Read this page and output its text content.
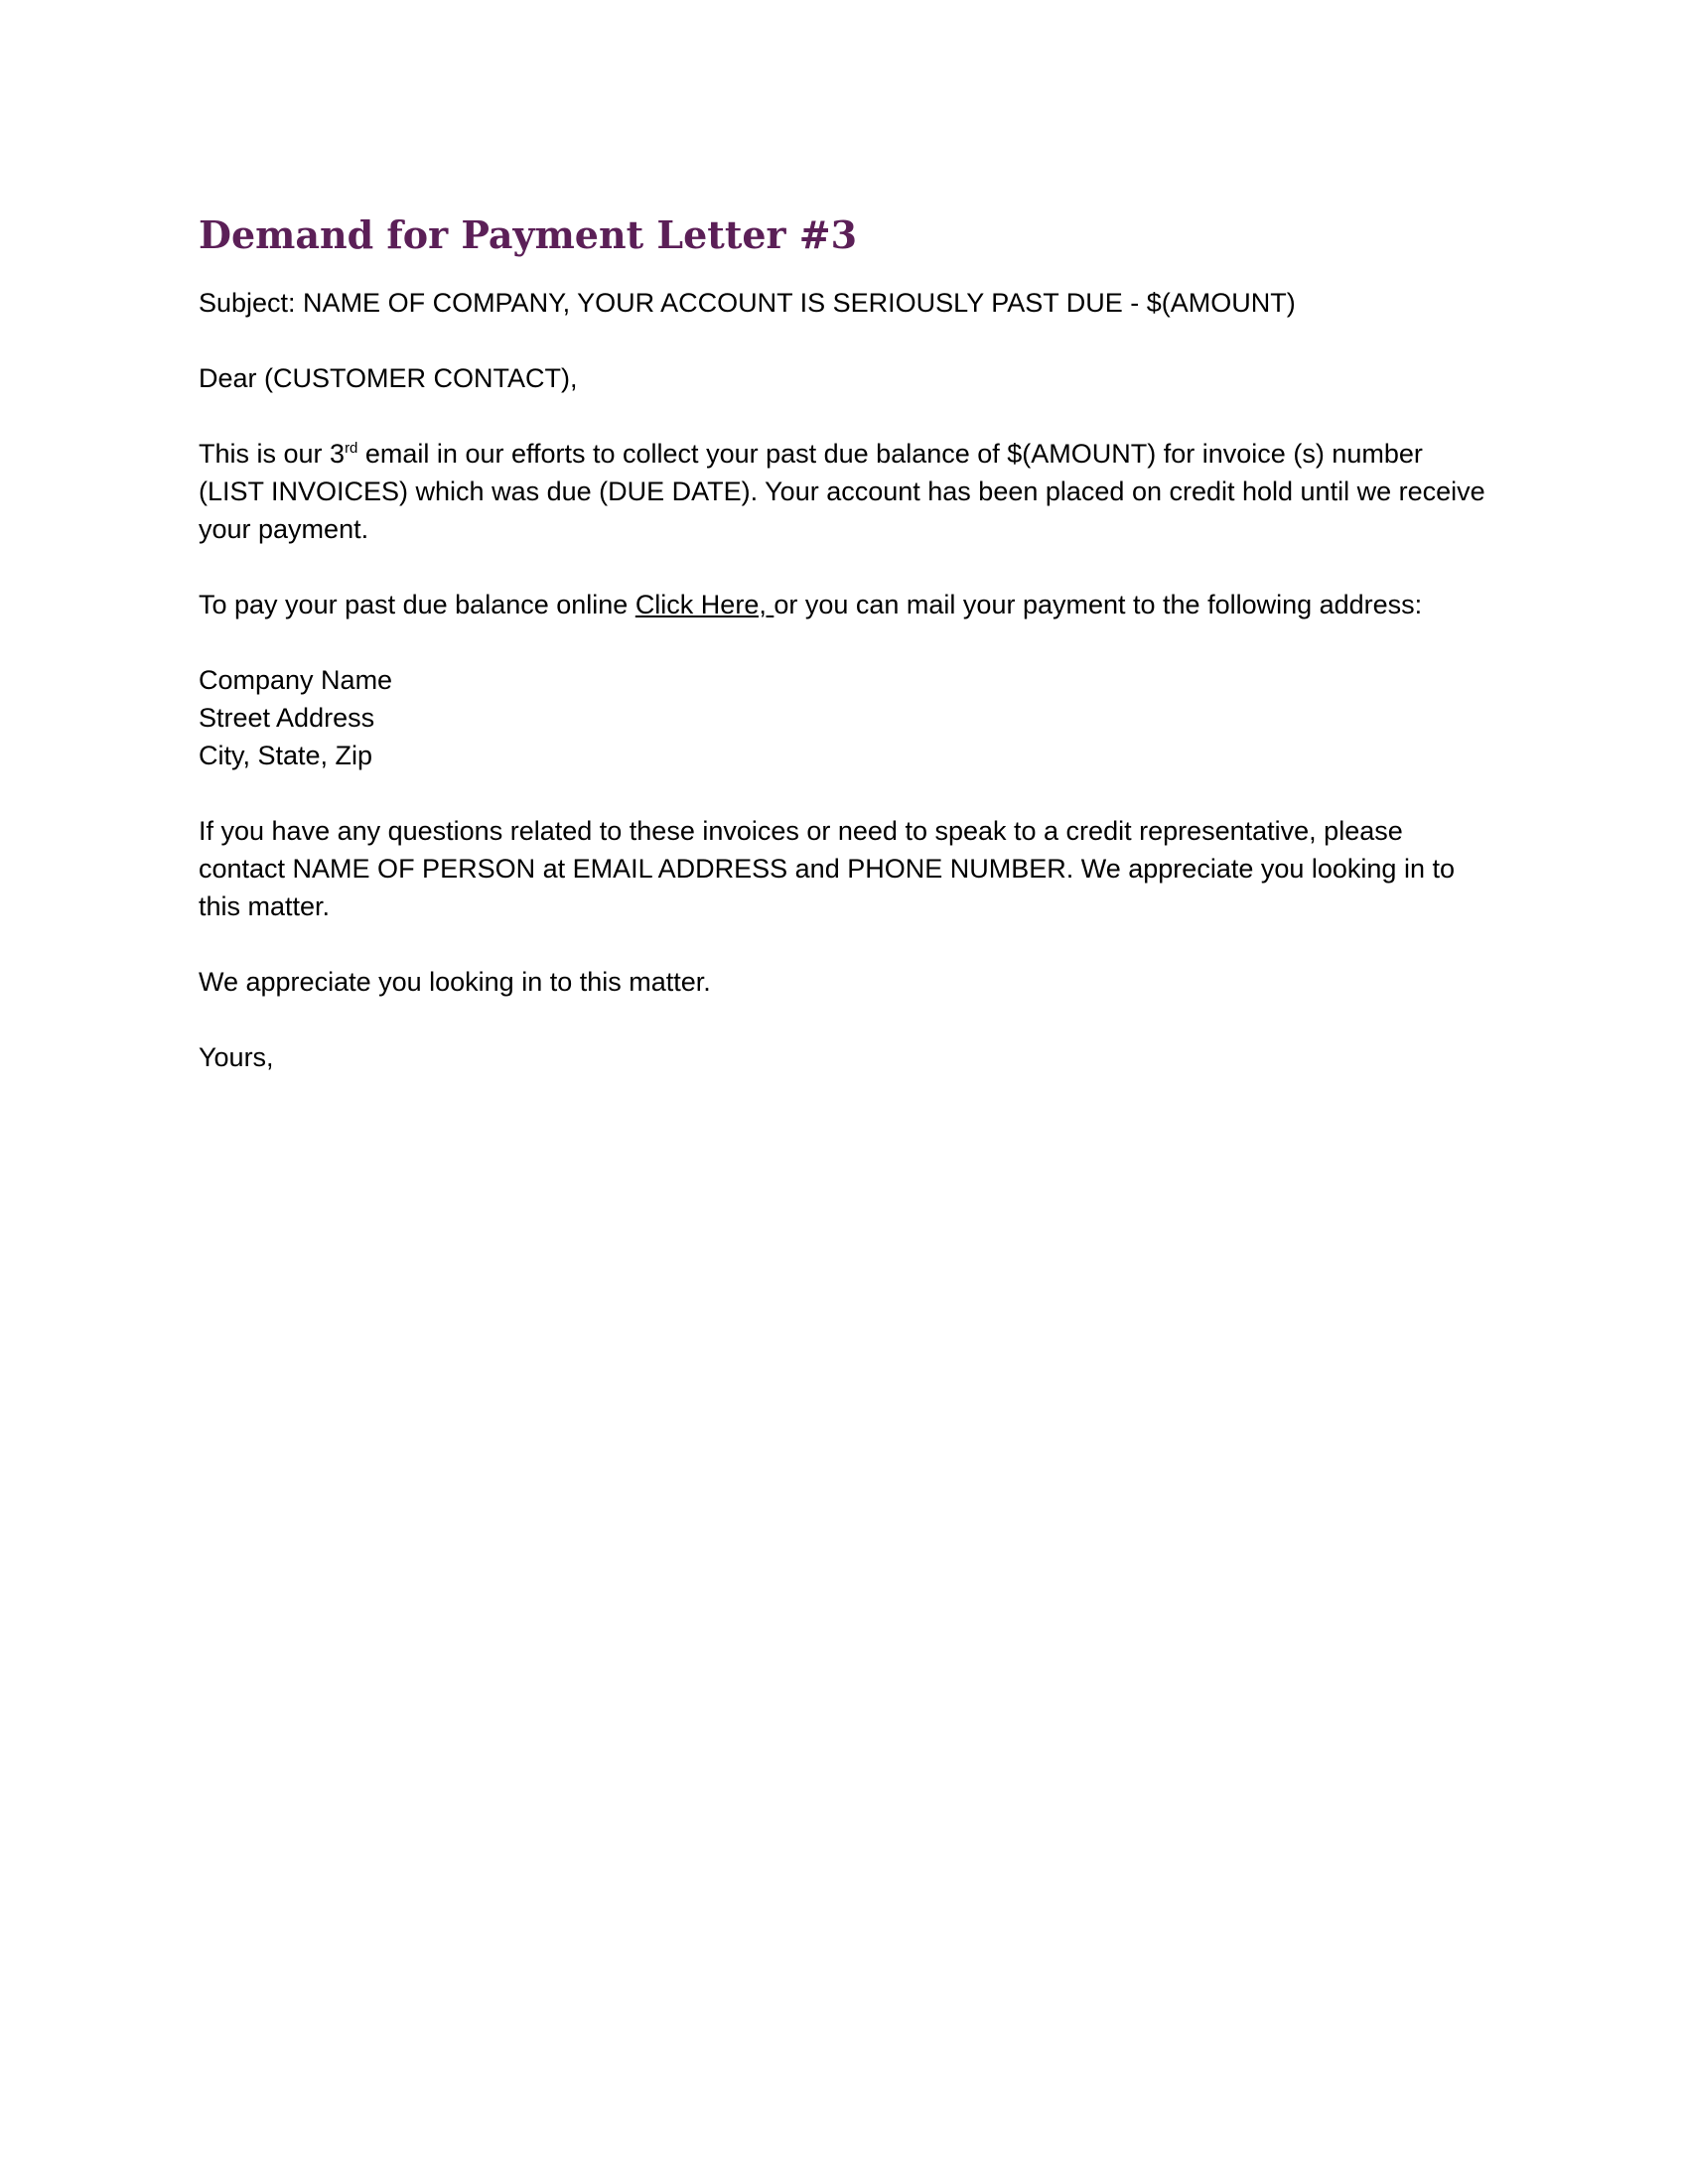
Demand for Payment Letter #3

Subject: NAME OF COMPANY, YOUR ACCOUNT IS SERIOUSLY PAST DUE - $(AMOUNT)

Dear (CUSTOMER CONTACT),

This is our 3rd email in our efforts to collect your past due balance of $(AMOUNT) for invoice (s) number (LIST INVOICES) which was due (DUE DATE). Your account has been placed on credit hold until we receive your payment.

To pay your past due balance online Click Here, or you can mail your payment to the following address:

Company Name
Street Address
City, State, Zip

If you have any questions related to these invoices or need to speak to a credit representative, please contact NAME OF PERSON at EMAIL ADDRESS and PHONE NUMBER. We appreciate you looking in to this matter.

We appreciate you looking in to this matter.

Yours,
